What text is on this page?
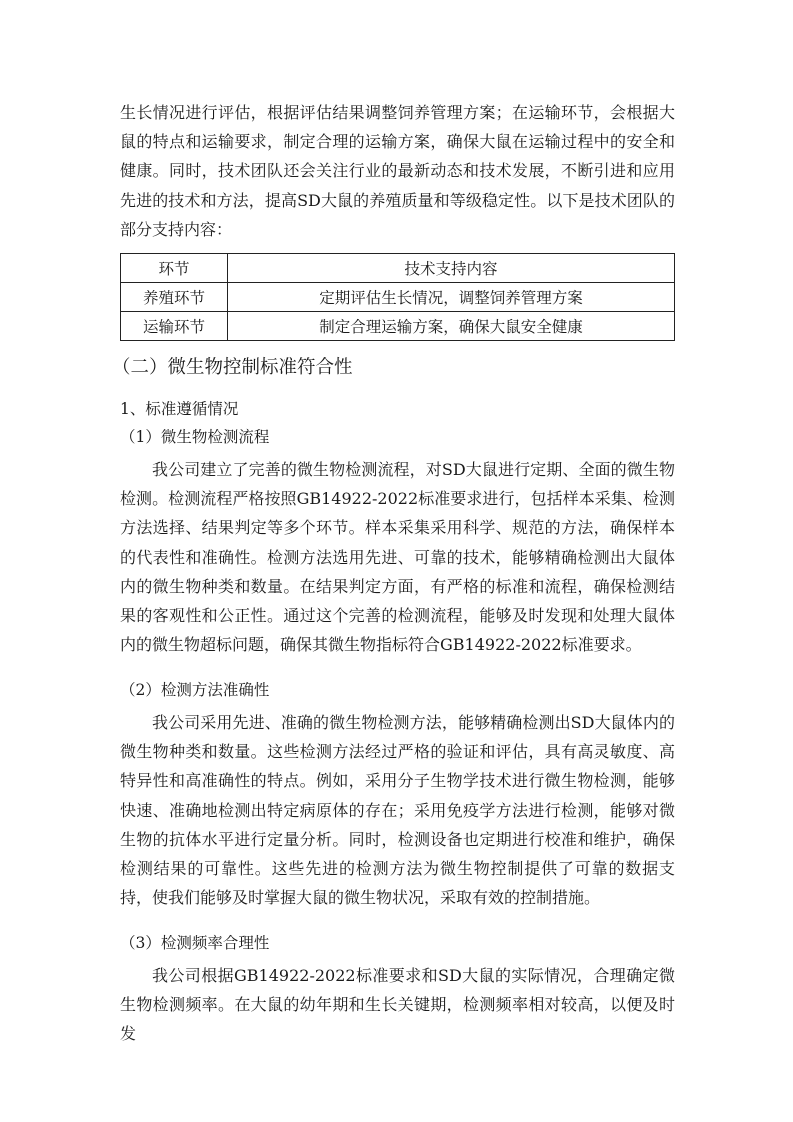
生长情况进行评估，根据评估结果调整饲养管理方案；在运输环节，会根据大鼠的特点和运输要求，制定合理的运输方案，确保大鼠在运输过程中的安全和健康。同时，技术团队还会关注行业的最新动态和技术发展，不断引进和应用先进的技术和方法，提高SD大鼠的养殖质量和等级稳定性。以下是技术团队的部分支持内容：

环节	技术支持内容
养殖环节	定期评估生长情况，调整饲养管理方案
运输环节	制定合理运输方案，确保大鼠安全健康
（二）微生物控制标准符合性
1、标准遵循情况
（1）微生物检测流程

我公司建立了完善的微生物检测流程，对SD大鼠进行定期、全面的微生物检测。检测流程严格按照GB14922-2022标准要求进行，包括样本采集、检测方法选择、结果判定等多个环节。样本采集采用科学、规范的方法，确保样本的代表性和准确性。检测方法选用先进、可靠的技术，能够精确检测出大鼠体内的微生物种类和数量。在结果判定方面，有严格的标准和流程，确保检测结果的客观性和公正性。通过这个完善的检测流程，能够及时发现和处理大鼠体内的微生物超标问题，确保其微生物指标符合GB14922-2022标准要求。

（2）检测方法准确性

我公司采用先进、准确的微生物检测方法，能够精确检测出SD大鼠体内的微生物种类和数量。这些检测方法经过严格的验证和评估，具有高灵敏度、高特异性和高准确性的特点。例如，采用分子生物学技术进行微生物检测，能够快速、准确地检测出特定病原体的存在；采用免疫学方法进行检测，能够对微生物的抗体水平进行定量分析。同时，检测设备也定期进行校准和维护，确保检测结果的可靠性。这些先进的检测方法为微生物控制提供了可靠的数据支持，使我们能够及时掌握大鼠的微生物状况，采取有效的控制措施。

（3）检测频率合理性

我公司根据GB14922-2022标准要求和SD大鼠的实际情况，合理确定微生物检测频率。在大鼠的幼年期和生长关键期，检测频率相对较高，以便及时发
